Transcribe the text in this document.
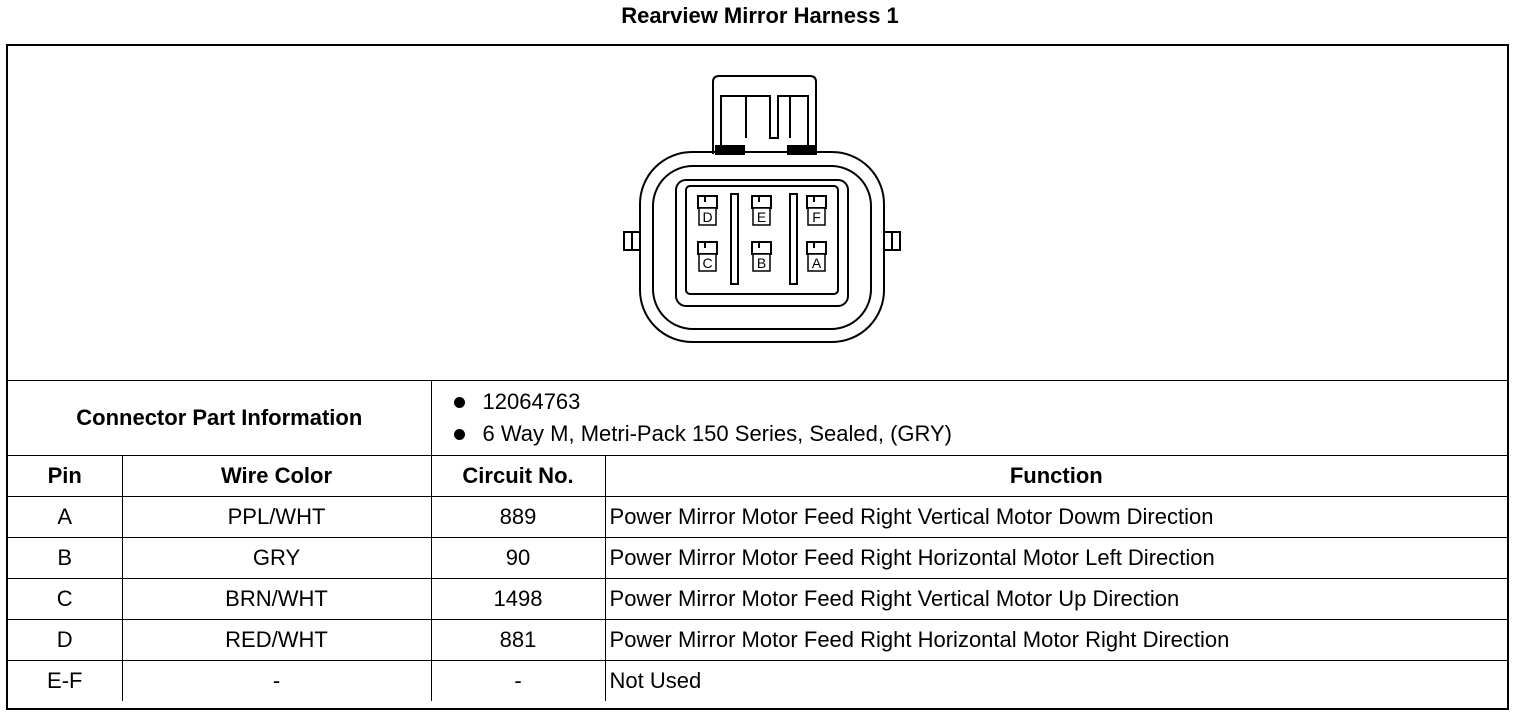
Rearview Mirror Harness 1
D	E	F
C	B	A
Connector Part Information		12064763
6 Way M, Metri-Pack 150 Series, Sealed, (GRY)	

Pin	Wire Color	Circuit No.	Function
A	PPL/WHT	889	Power Mirror Motor Feed Right Vertical Motor Dowm Direction
B	GRY	90	Power Mirror Motor Feed Right Horizontal Motor Left Direction
C	BRN/WHT	1498	Power Mirror Motor Feed Right Vertical Motor Up Direction
D	RED/WHT	881	Power Mirror Motor Feed Right Horizontal Motor Right Direction
E-F	-	-	Not Used
